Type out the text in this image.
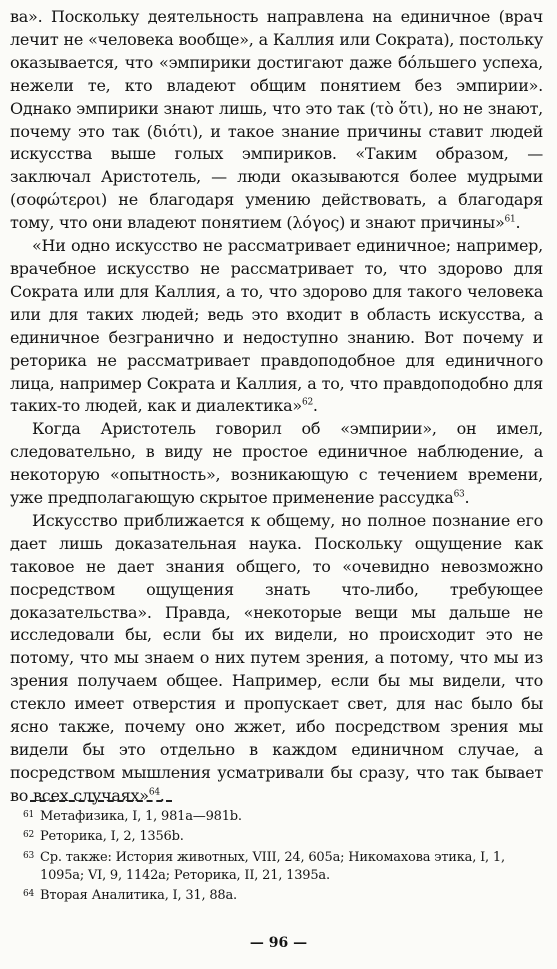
ва». Поскольку деятельность направлена на единичное (врач лечит не «человека вообще», а Каллия или Сократа), постольку оказывается, что «эмпирики достигают даже бóльшего успеха, нежели те, кто владеют общим понятием без эмпирии». Однако эмпирики знают лишь, что это так (τὸ ὅτι), но не знают, почему это так (διότι), и такое знание причины ставит людей искусства выше голых эмпириков. «Таким образом, — заключал Аристотель, — люди оказываются более мудрыми (σοφώτεροι) не благодаря умению действовать, а благодаря тому, что они владеют понятием (λόγος) и знают причины»$^{61}$.

«Ни одно искусство не рассматривает единичное; например, врачебное искусство не рассматривает то, что здорово для Сократа или для Каллия, а то, что здорово для такого человека или для таких людей; ведь это входит в область искусства, а единичное безгранично и недоступно знанию. Вот почему и реторика не рассматривает правдоподобное для единичного лица, например Сократа и Каллия, а то, что правдоподобно для таких-то людей, как и диалектика»$^{62}$.

Когда Аристотель говорил об «эмпирии», он имел, следовательно, в виду не простое единичное наблюдение, а некоторую «опытность», возникающую с течением времени, уже предполагающую скрытое применение рассудка$^{63}$.

Искусство приближается к общему, но полное познание его дает лишь доказательная наука. Поскольку ощущение как таковое не дает знания общего, то «очевидно невозможно посредством ощущения знать что-либо, требующее доказательства». Правда, «некоторые вещи мы дальше не исследовали бы, если бы их видели, но происходит это не потому, что мы знаем о них путем зрения, а потому, что мы из зрения получаем общее. Например, если бы мы видели, что стекло имеет отверстия и пропускает свет, для нас было бы ясно также, почему оно жжет, ибо посредством зрения мы видели бы это отдельно в каждом единичном случае, а посредством мышления усматривали бы сразу, что так бывает во всех случаях»$^{64}$.

61 Метафизика, I, 1, 981a—981b.

62 Реторика, I, 2, 1356b.

63 Ср. также: История животных, VIII, 24, 605a; Никомахова этика, I, 1, 1095a; VI, 9, 1142a; Реторика, II, 21, 1395a.

64 Вторая Аналитика, I, 31, 88a.

— 96 —
